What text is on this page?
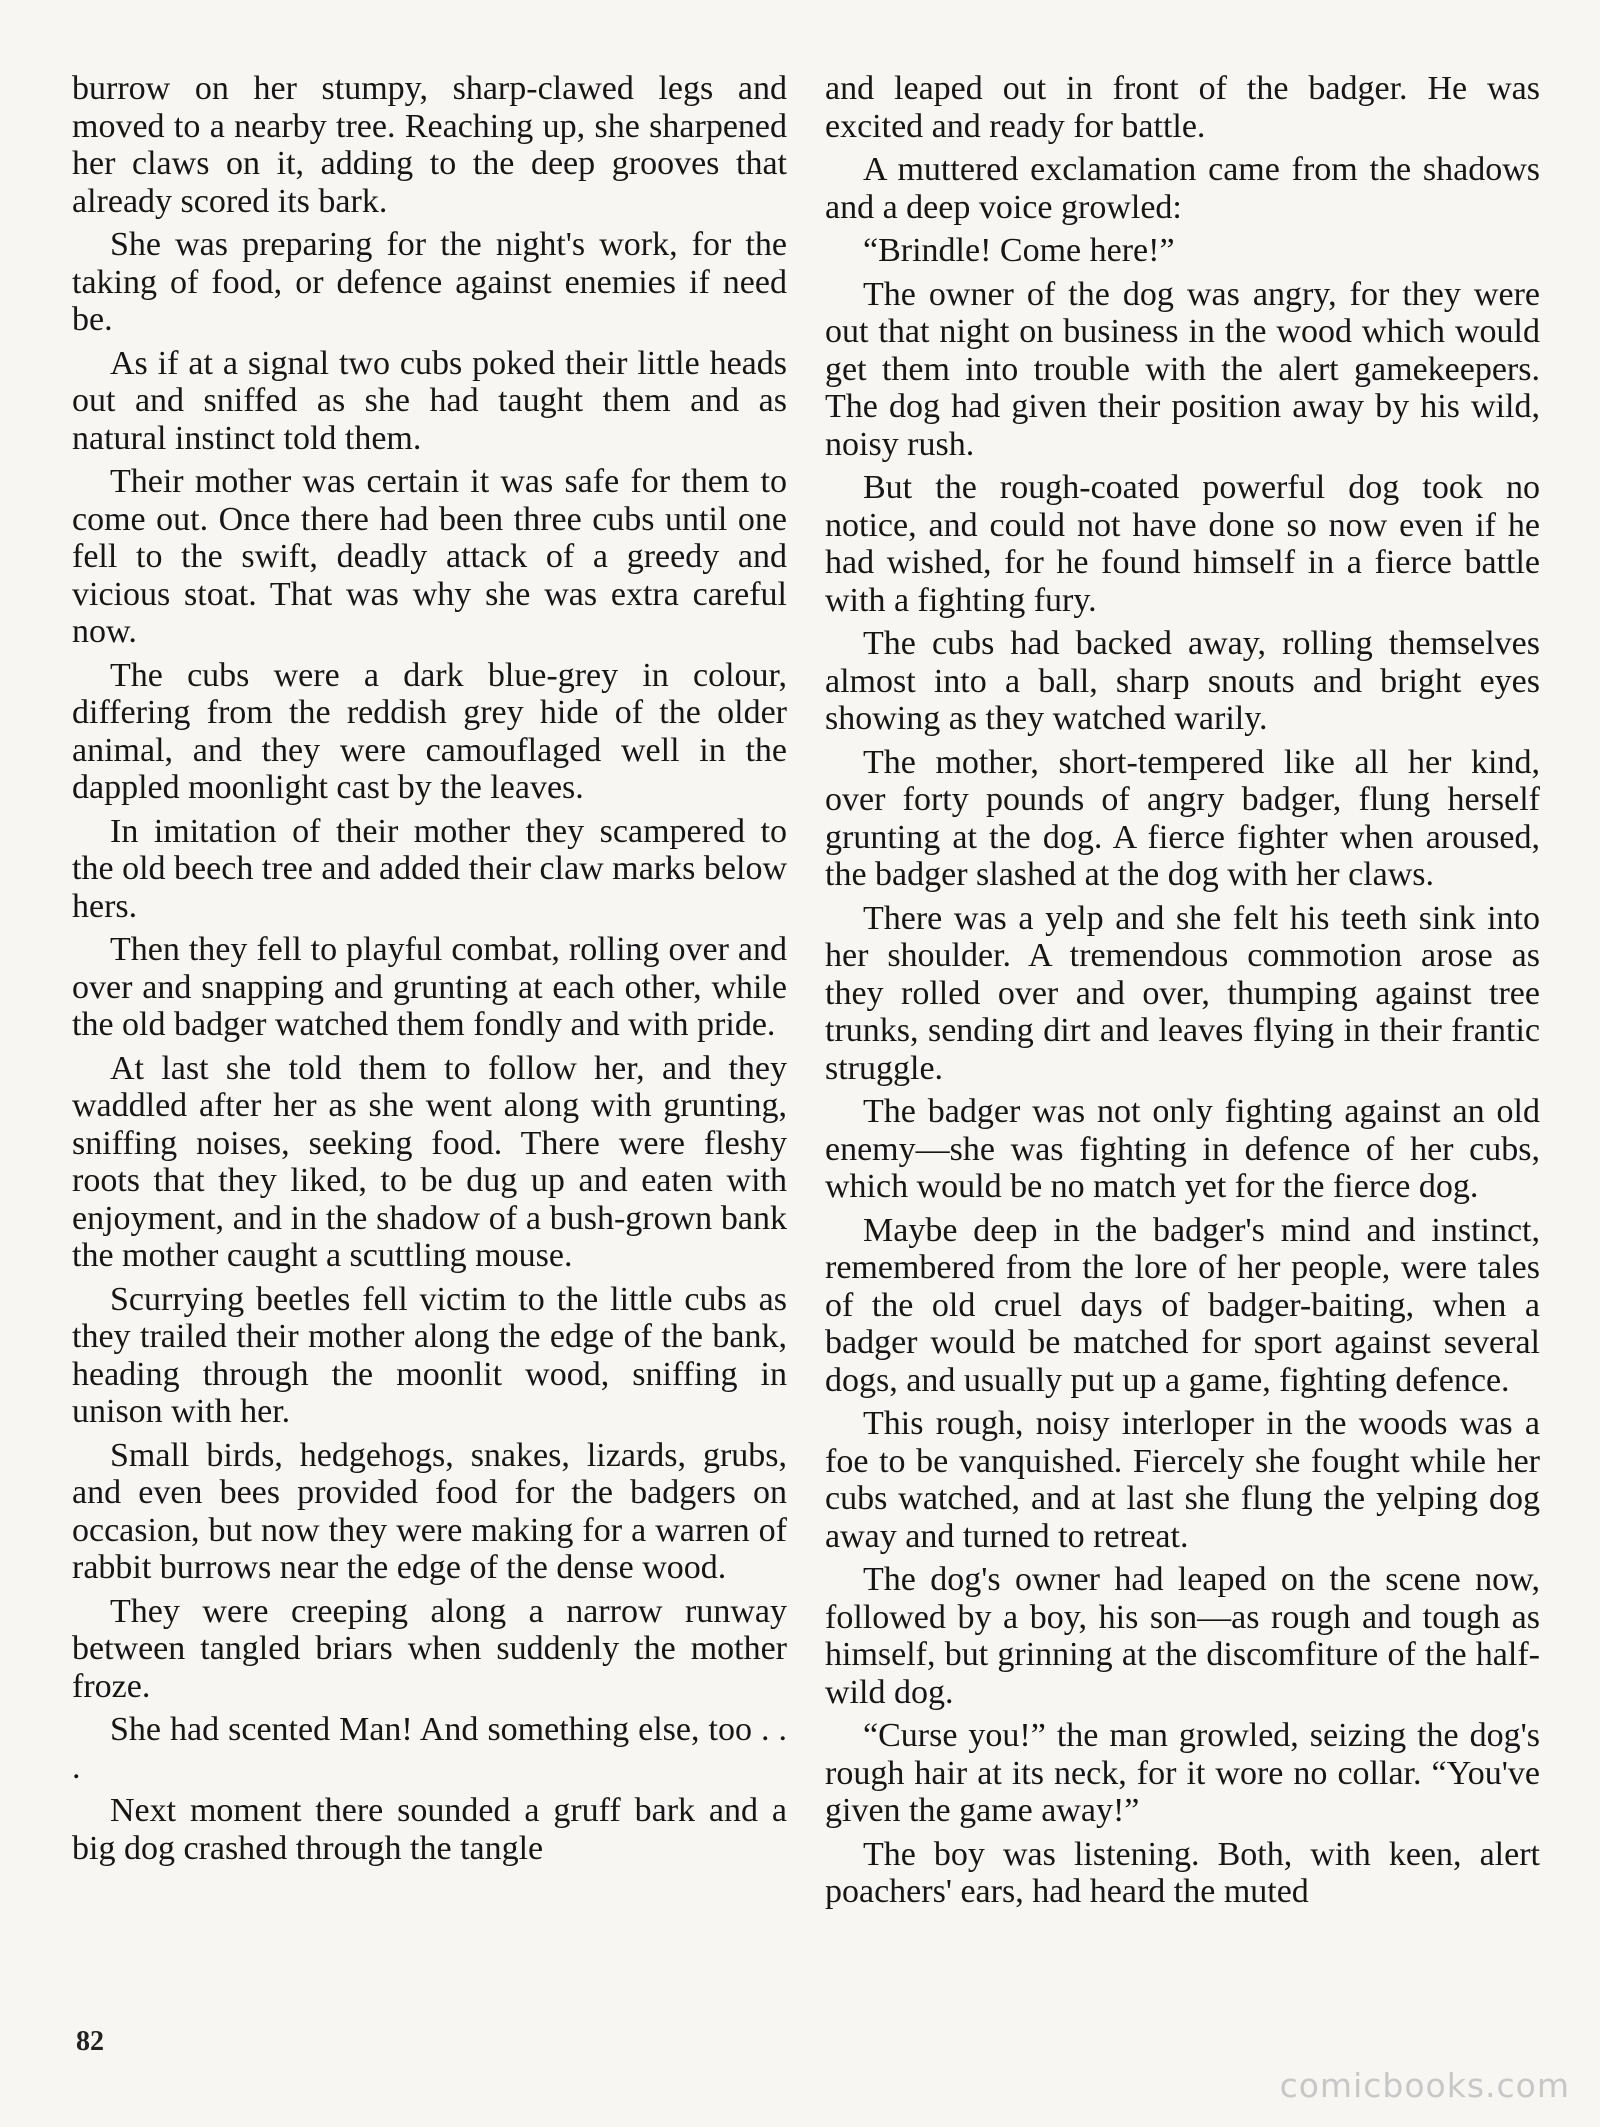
burrow on her stumpy, sharp-clawed legs and moved to a nearby tree. Reaching up, she sharpened her claws on it, adding to the deep grooves that already scored its bark.

She was preparing for the night's work, for the taking of food, or defence against enemies if need be.

As if at a signal two cubs poked their little heads out and sniffed as she had taught them and as natural instinct told them.

Their mother was certain it was safe for them to come out. Once there had been three cubs until one fell to the swift, deadly attack of a greedy and vicious stoat. That was why she was extra careful now.

The cubs were a dark blue-grey in colour, differing from the reddish grey hide of the older animal, and they were camouflaged well in the dappled moonlight cast by the leaves.

In imitation of their mother they scampered to the old beech tree and added their claw marks below hers.

Then they fell to playful combat, rolling over and over and snapping and grunting at each other, while the old badger watched them fondly and with pride.

At last she told them to follow her, and they waddled after her as she went along with grunting, sniffing noises, seeking food. There were fleshy roots that they liked, to be dug up and eaten with enjoyment, and in the shadow of a bush-grown bank the mother caught a scuttling mouse.

Scurrying beetles fell victim to the little cubs as they trailed their mother along the edge of the bank, heading through the moonlit wood, sniffing in unison with her.

Small birds, hedgehogs, snakes, lizards, grubs, and even bees provided food for the badgers on occasion, but now they were making for a warren of rabbit burrows near the edge of the dense wood.

They were creeping along a narrow runway between tangled briars when suddenly the mother froze.

She had scented Man! And something else, too . . .

Next moment there sounded a gruff bark and a big dog crashed through the tangle

and leaped out in front of the badger. He was excited and ready for battle.

A muttered exclamation came from the shadows and a deep voice growled:

“Brindle! Come here!”

The owner of the dog was angry, for they were out that night on business in the wood which would get them into trouble with the alert gamekeepers. The dog had given their position away by his wild, noisy rush.

But the rough-coated powerful dog took no notice, and could not have done so now even if he had wished, for he found himself in a fierce battle with a fighting fury.

The cubs had backed away, rolling themselves almost into a ball, sharp snouts and bright eyes showing as they watched warily.

The mother, short-tempered like all her kind, over forty pounds of angry badger, flung herself grunting at the dog. A fierce fighter when aroused, the badger slashed at the dog with her claws.

There was a yelp and she felt his teeth sink into her shoulder. A tremendous commotion arose as they rolled over and over, thumping against tree trunks, sending dirt and leaves flying in their frantic struggle.

The badger was not only fighting against an old enemy—she was fighting in defence of her cubs, which would be no match yet for the fierce dog.

Maybe deep in the badger's mind and instinct, remembered from the lore of her people, were tales of the old cruel days of badger-baiting, when a badger would be matched for sport against several dogs, and usually put up a game, fighting defence.

This rough, noisy interloper in the woods was a foe to be vanquished. Fiercely she fought while her cubs watched, and at last she flung the yelping dog away and turned to retreat.

The dog's owner had leaped on the scene now, followed by a boy, his son—as rough and tough as himself, but grinning at the discomfiture of the half-wild dog.

“Curse you!” the man growled, seizing the dog's rough hair at its neck, for it wore no collar. “You've given the game away!”

The boy was listening. Both, with keen, alert poachers' ears, had heard the muted

82
comicbooks.com
